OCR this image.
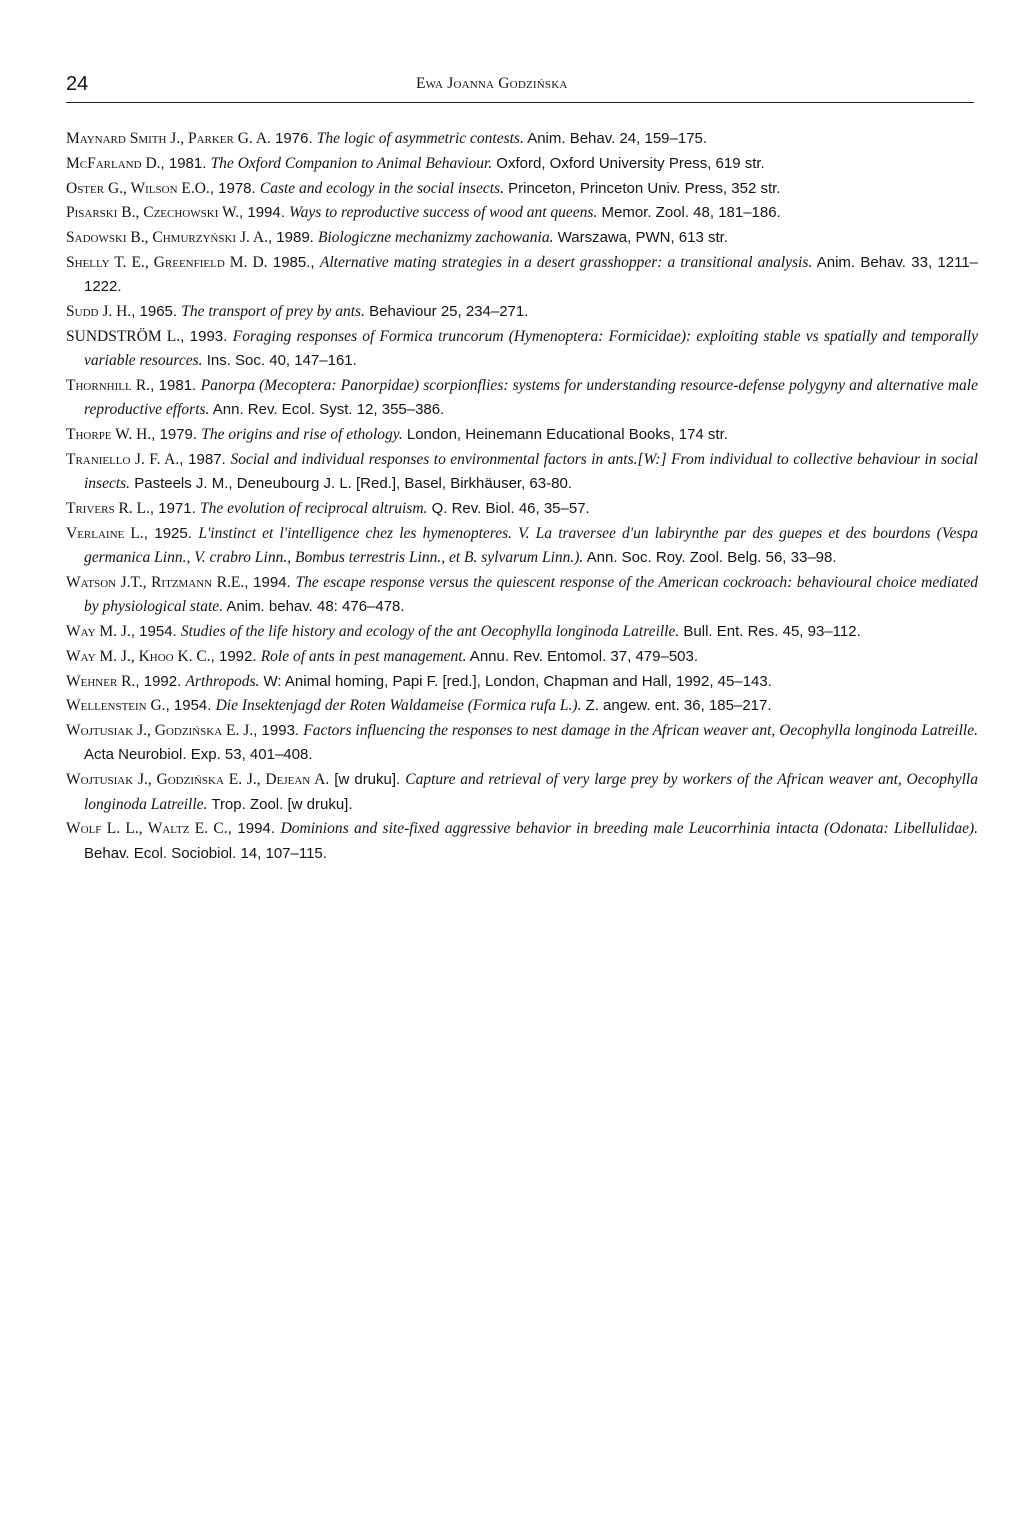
24	Ewa Joanna Godzińska
Maynard Smith J., Parker G. A. 1976. The logic of asymmetric contests. Anim. Behav. 24, 159–175.
McFarland D., 1981. The Oxford Companion to Animal Behaviour. Oxford, Oxford University Press, 619 str.
Oster G., Wilson E.O., 1978. Caste and ecology in the social insects. Princeton, Princeton Univ. Press, 352 str.
Pisarski B., Czechowski W., 1994. Ways to reproductive success of wood ant queens. Memor. Zool. 48, 181–186.
Sadowski B., Chmurzyński J. A., 1989. Biologiczne mechanizmy zachowania. Warszawa, PWN, 613 str.
Shelly T. E., Greenfield M. D. 1985., Alternative mating strategies in a desert grasshopper: a transitional analysis. Anim. Behav. 33, 1211–1222.
Sudd J. H., 1965. The transport of prey by ants. Behaviour 25, 234–271.
SUNDSTRÖM L., 1993. Foraging responses of Formica truncorum (Hymenoptera: Formicidae): exploiting stable vs spatially and temporally variable resources. Ins. Soc. 40, 147–161.
Thornhill R., 1981. Panorpa (Mecoptera: Panorpidae) scorpionflies: systems for understanding resource-defense polygyny and alternative male reproductive efforts. Ann. Rev. Ecol. Syst. 12, 355–386.
Thorpe W. H., 1979. The origins and rise of ethology. London, Heinemann Educational Books, 174 str.
Traniello J. F. A., 1987. Social and individual responses to environmental factors in ants.[W:] From individual to collective behaviour in social insects. Pasteels J. M., Deneubourg J. L. [Red.], Basel, Birkhäuser, 63-80.
Trivers R. L., 1971. The evolution of reciprocal altruism. Q. Rev. Biol. 46, 35–57.
Verlaine L., 1925. L'instinct et l'intelligence chez les hymenopteres. V. La traversee d'un labirynthe par des guepes et des bourdons (Vespa germanica Linn., V. crabro Linn., Bombus terrestris Linn., et B. sylvarum Linn.). Ann. Soc. Roy. Zool. Belg. 56, 33–98.
Watson J.T., Ritzmann R.E., 1994. The escape response versus the quiescent response of the American cockroach: behavioural choice mediated by physiological state. Anim. behav. 48: 476–478.
Way M. J., 1954. Studies of the life history and ecology of the ant Oecophylla longinoda Latreille. Bull. Ent. Res. 45, 93–112.
Way M. J., Khoo K. C., 1992. Role of ants in pest management. Annu. Rev. Entomol. 37, 479–503.
Wehner R., 1992. Arthropods. W: Animal homing, Papi F. [red.], London, Chapman and Hall, 1992, 45–143.
Wellenstein G., 1954. Die Insektenjagd der Roten Waldameise (Formica rufa L.). Z. angew. ent. 36, 185–217.
Wojtusiak J., Godzińska E. J., 1993. Factors influencing the responses to nest damage in the African weaver ant, Oecophylla longinoda Latreille. Acta Neurobiol. Exp. 53, 401–408.
Wojtusiak J., Godzińska E. J., Dejean A. [w druku]. Capture and retrieval of very large prey by workers of the African weaver ant, Oecophylla longinoda Latreille. Trop. Zool. [w druku].
Wolf L. L., Waltz E. C., 1994. Dominions and site-fixed aggressive behavior in breeding male Leucorrhinia intacta (Odonata: Libellulidae). Behav. Ecol. Sociobiol. 14, 107–115.
